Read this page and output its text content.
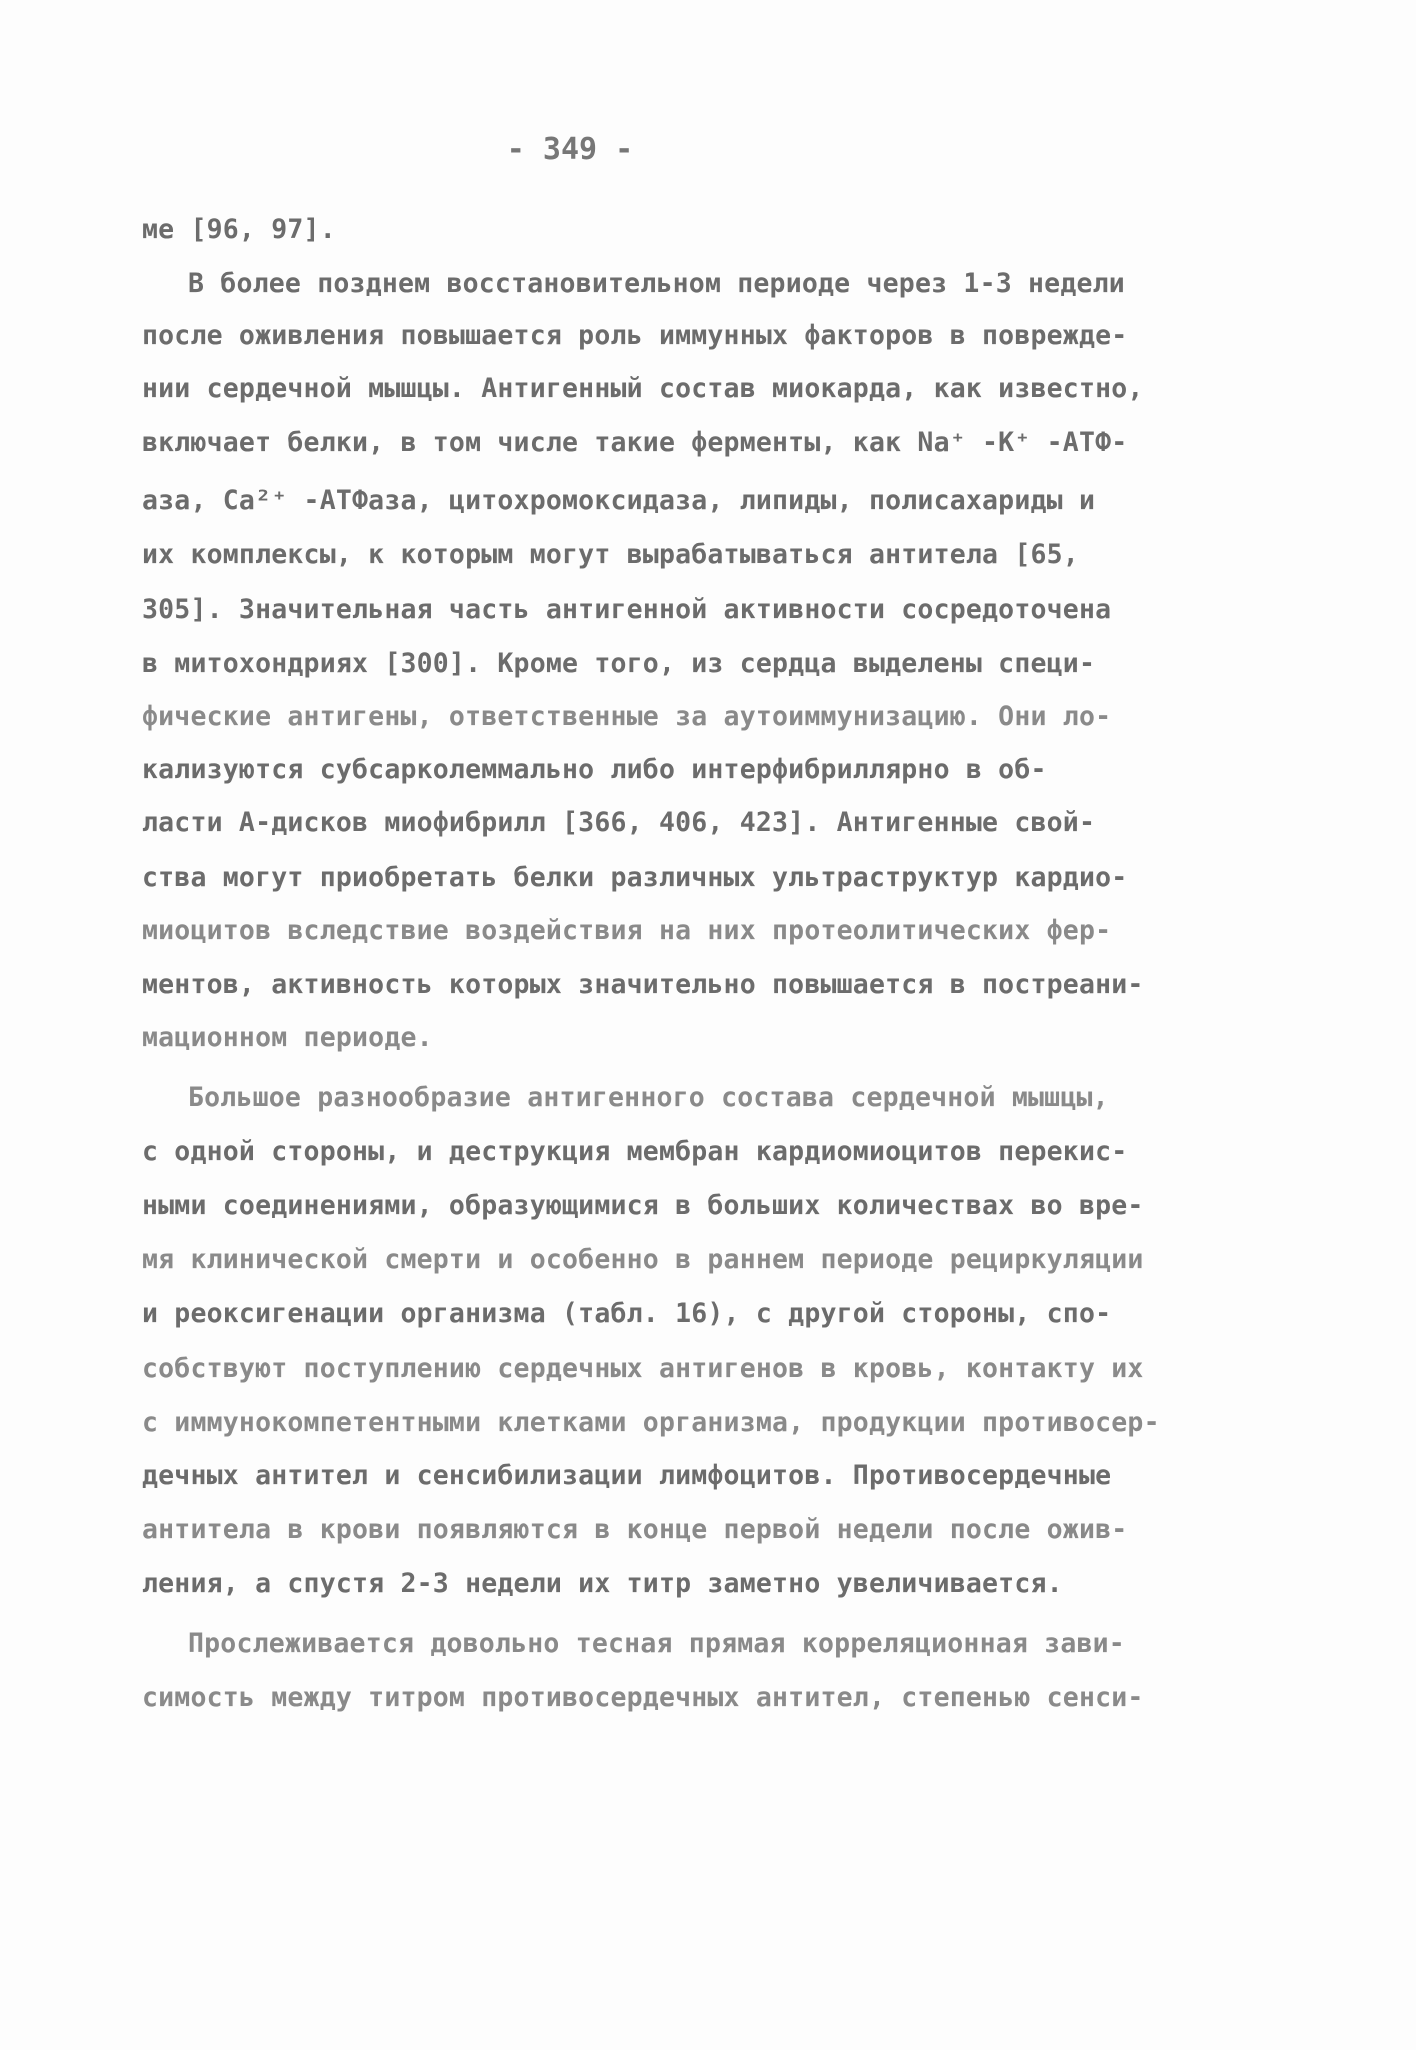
- 349 -
ме [96, 97].
В более позднем восстановительном периоде через 1-3 недели
после оживления повышается роль иммунных факторов в поврежде-
нии сердечной мышцы. Антигенный состав миокарда, как известно,
включает белки, в том числе такие ферменты, как Na⁺ -K⁺ -АТФ-
аза, Ca²⁺ -АТФаза, цитохромоксидаза, липиды, полисахариды и
их комплексы, к которым могут вырабатываться антитела [65,
305]. Значительная часть антигенной активности сосредоточена
в митохондриях [300]. Кроме того, из сердца выделены специ-
фические антигены, ответственные за аутоиммунизацию. Они ло-
кализуются субсарколеммально либо интерфибриллярно в об-
ласти А-дисков миофибрилл [366, 406, 423]. Антигенные свой-
ства могут приобретать белки различных ультраструктур кардио-
миоцитов вследствие воздействия на них протеолитических фер-
ментов, активность которых значительно повышается в постреани-
мационном периоде.
Большое разнообразие антигенного состава сердечной мышцы,
с одной стороны, и деструкция мембран кардиомиоцитов перекис-
ными соединениями, образующимися в больших количествах во вре-
мя клинической смерти и особенно в раннем периоде рециркуляции
и реоксигенации организма (табл. 16), с другой стороны, спо-
собствуют поступлению сердечных антигенов в кровь, контакту их
с иммунокомпетентными клетками организма, продукции противосер-
дечных антител и сенсибилизации лимфоцитов. Противосердечные
антитела в крови появляются в конце первой недели после ожив-
ления, а спустя 2-3 недели их титр заметно увеличивается.
Прослеживается довольно тесная прямая корреляционная зави-
симость между титром противосердечных антител, степенью сенси-
